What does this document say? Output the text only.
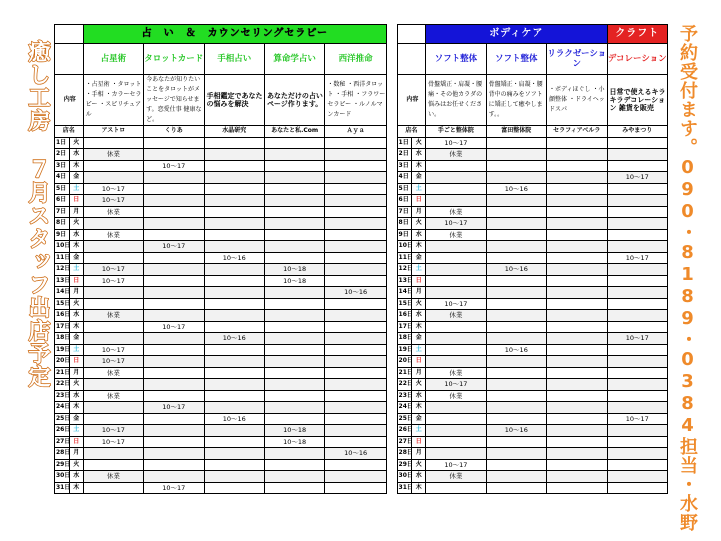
癒し工房 ７月スタッフ出店予定	予約受付ます。090・8189・0384担当・水野
		占　い　＆　カウンセリングセラピー								ボディケア			クラフト
		占星術	タロットカード	手相占い	算命学占い	西洋推命				ソフト整体	ソフト整体	リラクゼーション	デコレーション
内容		・占星術 ・タロット ・手相 ・カラーセラピー ・スピリチュアル	今あなたが知りたいことをタロットがメッセージで知らせます。恋愛仕事 健康など。	手相鑑定であなたの悩みを解決	あなただけの占いページ作ります。	・数秘 ・西洋タロット ・手相 ・フラワーセラピー ・ルノルマンカード		内容		骨盤矯正・肩凝・腰　痛・その他カラダの悩みはお任せください。	骨盤矯正・肩凝・腰　背中の痛みをソフトに矯正して癒やします。。	・ボディほぐし ・小顔整体 ・ドライヘッドスパ	日常で使えるキラキラデコレーション 雑貨を販売
店名		アストロ	くりあ	水晶研究	あなたと私.Com	Ａｙａ		店名		手ごと整体院	富田整体院	セラフィアベルラ	みやまつり
1日	火							1日	火	10～17			
2日	水	休業						2日	水	休業			
3日	木		10～17					3日	木				
4日	金							4日	金				10～17
5日	土	10～17						5日	土		10～16		
6日	日	10～17						6日	日				
7日	月	休業						7日	月	休業			
8日	火							8日	火	10～17			
9日	水	休業						9日	水	休業			
10日	木		10～17					10日	木				
11日	金			10～16				11日	金				10～17
12日	土	10～17			10～18			12日	土		10～16		
13日	日	10～17			10～18			13日	日				
14日	月					10～16		14日	月				
15日	火							15日	火	10～17			
16日	水	休業						16日	水	休業			
17日	木		10～17					17日	木				
18日	金			10～16				18日	金				10～17
19日	土	10～17						19日	土		10～16		
20日	日	10～17						20日	日				
21日	月	休業						21日	月	休業			
22日	火							22日	火	10～17			
23日	水	休業						23日	水	休業			
24日	木		10～17					24日	木				
25日	金			10～16				25日	金				10～17
26日	土	10～17			10～18			26日	土		10～16		
27日	日	10～17			10～18			27日	日				
28日	月					10～16		28日	月				
29日	火							29日	火	10～17			
30日	水	休業						30日	水	休業			
31日	木		10～17					31日	木				
